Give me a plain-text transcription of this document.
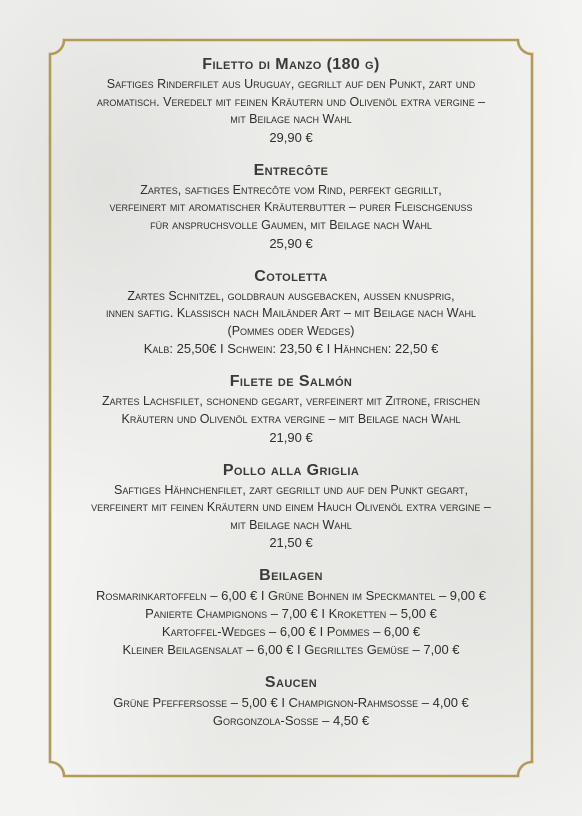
Filetto di Manzo (180 g)
Saftiges Rinderfilet aus Uruguay, gegrillt auf den Punkt, zart und
aromatisch. Veredelt mit feinen Kräutern und Olivenöl extra vergine –
mit Beilage nach Wahl
29,90 €
Entrecôte
Zartes, saftiges Entrecôte vom Rind, perfekt gegrillt,
verfeinert mit aromatischer Kräuterbutter – purer Fleischgenuss
für anspruchsvolle Gaumen, mit Beilage nach Wahl
25,90 €
Cotoletta
Zartes Schnitzel, goldbraun ausgebacken, aussen knusprig,
innen saftig. Klassisch nach Mailänder Art – mit Beilage nach Wahl
(Pommes oder Wedges)
Kalb: 25,50€ I Schwein: 23,50 € I Hähnchen: 22,50 €
Filete de Salmón
Zartes Lachsfilet, schonend gegart, verfeinert mit Zitrone, frischen
Kräutern und Olivenöl extra vergine – mit Beilage nach Wahl
21,90 €
Pollo alla Griglia
Saftiges Hähnchenfilet, zart gegrillt und auf den Punkt gegart,
verfeinert mit feinen Kräutern und einem Hauch Olivenöl extra vergine –
mit Beilage nach Wahl
21,50 €
Beilagen
Rosmarinkartoffeln – 6,00 € I Grüne Bohnen im Speckmantel – 9,00 €
Panierte Champignons – 7,00 € I Kroketten – 5,00 €
Kartoffel-Wedges – 6,00 € I Pommes – 6,00 €
Kleiner Beilagensalat – 6,00 € I Gegrilltes Gemüse – 7,00 €
Saucen
Grüne Pfeffersosse – 5,00 € I Champignon-Rahmsosse – 4,00 €
Gorgonzola-Sosse – 4,50 €
